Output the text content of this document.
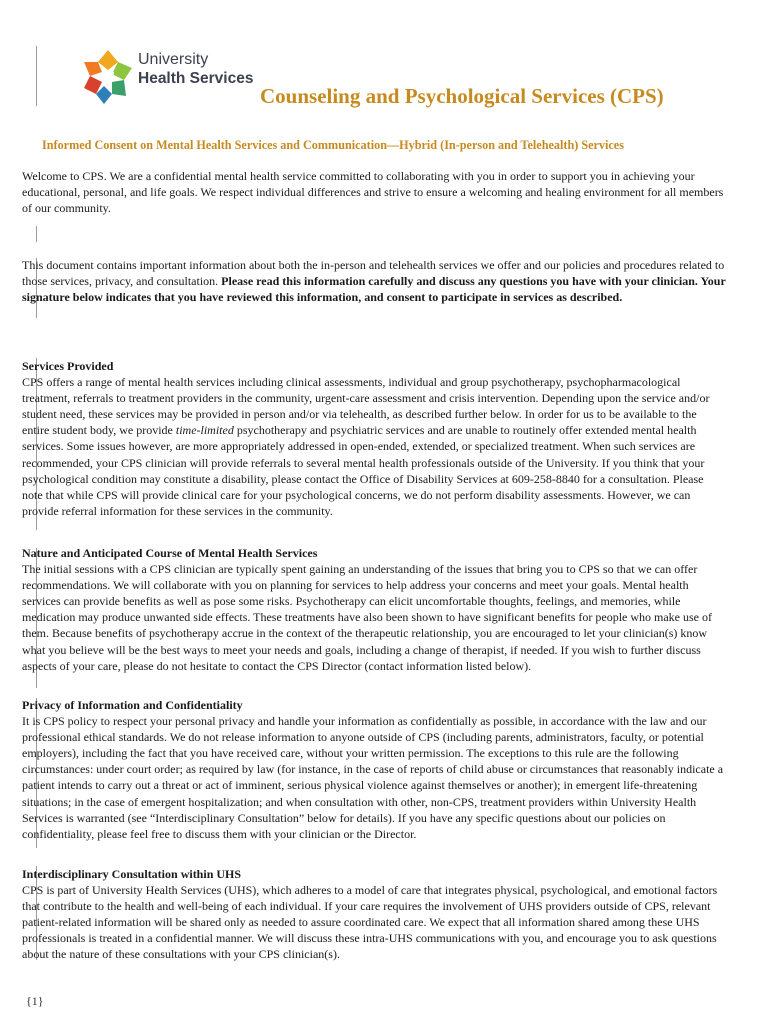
University
Health Services
Counseling and Psychological Services (CPS)
Informed Consent on Mental Health Services and Communication—Hybrid (In-person and Telehealth) Services

Welcome to CPS. We are a confidential mental health service committed to collaborating with you in order to support you in achieving your educational, personal, and life goals. We respect individual differences and strive to ensure a welcoming and healing environment for all members of our community.

This document contains important information about both the in-person and telehealth services we offer and our policies and procedures related to those services, privacy, and consultation. Please read this information carefully and discuss any questions you have with your clinician. Your signature below indicates that you have reviewed this information, and consent to participate in services as described.

Services Provided

CPS offers a range of mental health services including clinical assessments, individual and group psychotherapy, psychopharmacological treatment, referrals to treatment providers in the community, urgent-care assessment and crisis intervention. Depending upon the service and/or student need, these services may be provided in person and/or via telehealth, as described further below. In order for us to be available to the entire student body, we provide time-limited psychotherapy and psychiatric services and are unable to routinely offer extended mental health services. Some issues however, are more appropriately addressed in open-ended, extended, or specialized treatment. When such services are recommended, your CPS clinician will provide referrals to several mental health professionals outside of the University. If you think that your psychological condition may constitute a disability, please contact the Office of Disability Services at 609-258-8840 for a consultation. Please note that while CPS will provide clinical care for your psychological concerns, we do not perform disability assessments. However, we can provide referral information for these services in the community.

Nature and Anticipated Course of Mental Health Services

The initial sessions with a CPS clinician are typically spent gaining an understanding of the issues that bring you to CPS so that we can offer recommendations. We will collaborate with you on planning for services to help address your concerns and meet your goals. Mental health services can provide benefits as well as pose some risks. Psychotherapy can elicit uncomfortable thoughts, feelings, and memories, while medication may produce unwanted side effects. These treatments have also been shown to have significant benefits for people who make use of them. Because benefits of psychotherapy accrue in the context of the therapeutic relationship, you are encouraged to let your clinician(s) know what you believe will be the best ways to meet your needs and goals, including a change of therapist, if needed. If you wish to further discuss aspects of your care, please do not hesitate to contact the CPS Director (contact information listed below).

Privacy of Information and Confidentiality

It is CPS policy to respect your personal privacy and handle your information as confidentially as possible, in accordance with the law and our professional ethical standards. We do not release information to anyone outside of CPS (including parents, administrators, faculty, or potential employers), including the fact that you have received care, without your written permission. The exceptions to this rule are the following circumstances: under court order; as required by law (for instance, in the case of reports of child abuse or circumstances that reasonably indicate a patient intends to carry out a threat or act of imminent, serious physical violence against themselves or another); in emergent life-threatening situations; in the case of emergent hospitalization; and when consultation with other, non-CPS, treatment providers within University Health Services is warranted (see “Interdisciplinary Consultation” below for details). If you have any specific questions about our policies on confidentiality, please feel free to discuss them with your clinician or the Director.

Interdisciplinary Consultation within UHS

CPS is part of University Health Services (UHS), which adheres to a model of care that integrates physical, psychological, and emotional factors that contribute to the health and well-being of each individual. If your care requires the involvement of UHS providers outside of CPS, relevant patient-related information will be shared only as needed to assure coordinated care. We expect that all information shared among these UHS professionals is treated in a confidential manner. We will discuss these intra-UHS communications with you, and encourage you to ask questions about the nature of these consultations with your CPS clinician(s).

{1}
